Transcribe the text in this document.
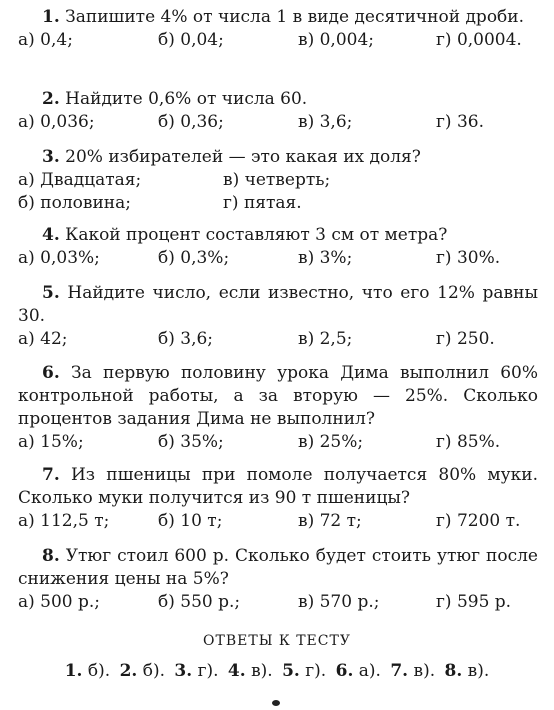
1. Запишите 4% от числа 1 в виде десятичной дроби.
а) 0,4;	б) 0,04;	в) 0,004;	г) 0,0004.
2. Найдите 0,6% от числа 60.
а) 0,036;	б) 0,36;	в) 3,6;	г) 36.
3. 20% избирателей — это какая их доля?
а) Двадцатая;	в) четверть;
б) половина;	г) пятая.
4. Какой процент составляют 3 см от метра?
а) 0,03%;	б) 0,3%;	в) 3%;	г) 30%.
5. Найдите число, если известно, что его 12% равны 30.
а) 42;	б) 3,6;	в) 2,5;	г) 250.
6. За первую половину урока Дима выполнил 60% контрольной работы, а за вторую — 25%. Сколько процентов задания Дима не выполнил?
а) 15%;	б) 35%;	в) 25%;	г) 85%.
7. Из пшеницы при помоле получается 80% муки. Сколько муки получится из 90 т пшеницы?
а) 112,5 т;	б) 10 т;	в) 72 т;	г) 7200 т.
8. Утюг стоил 600 р. Сколько будет стоить утюг после снижения цены на 5%?
а) 500 р.;	б) 550 р.;	в) 570 р.;	г) 595 р.
ОТВЕТЫ К ТЕСТУ
1. б). 2. б). 3. г). 4. в). 5. г). 6. а). 7. в). 8. в).
